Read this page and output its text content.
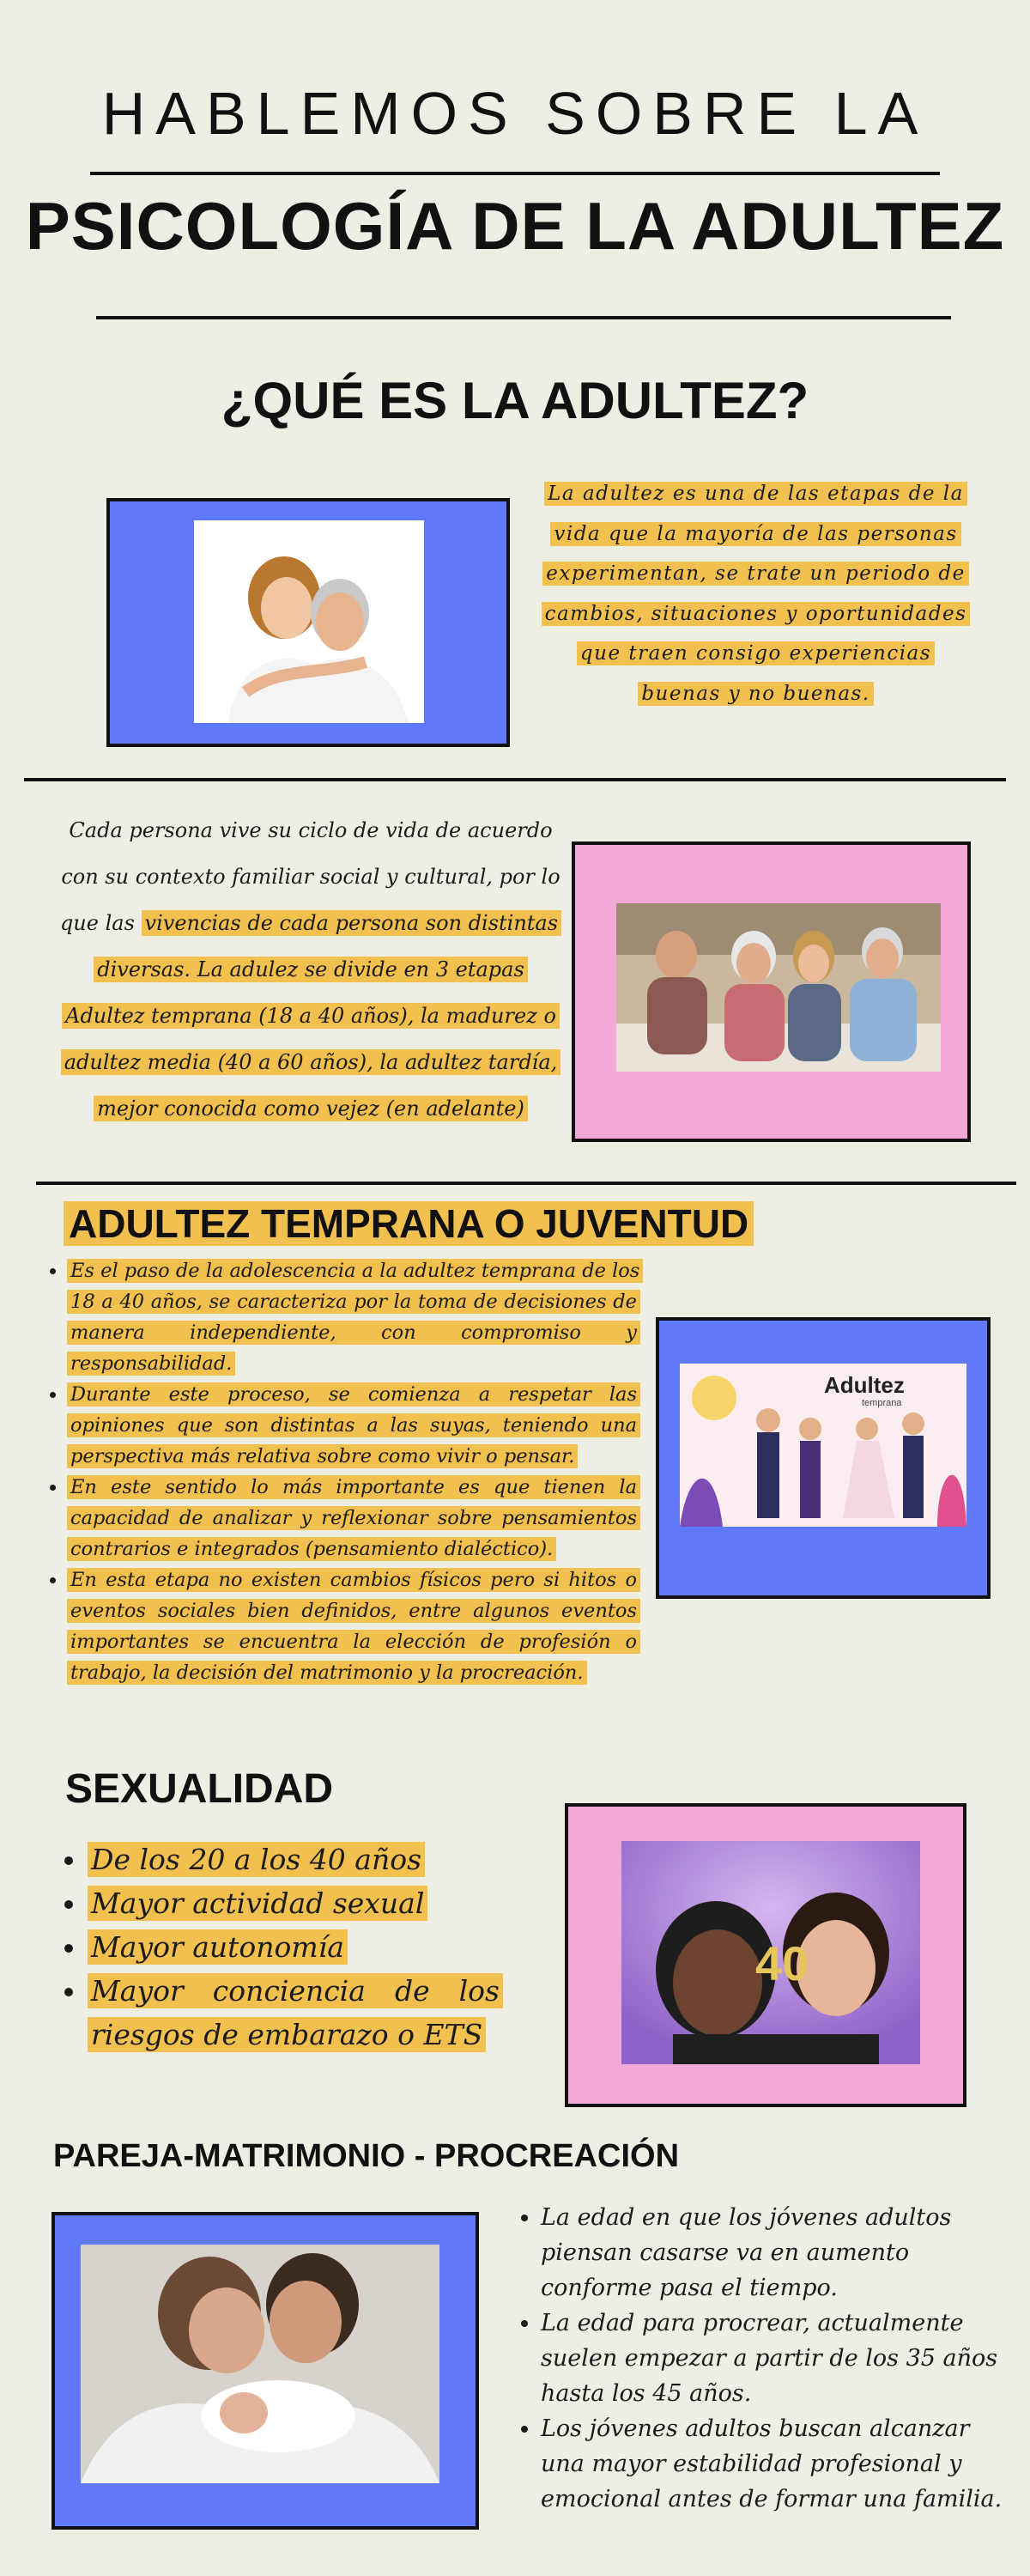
HABLEMOS SOBRE LA
PSICOLOGÍA DE LA ADULTEZ
¿QUÉ ES LA ADULTEZ?
La adultez es una de las etapas de la vida que la mayoría de las personas experimentan, se trate un periodo de cambios, situaciones y oportunidades que traen consigo experiencias buenas y no buenas.
Cada persona vive su ciclo de vida de acuerdo con su contexto familiar social y cultural, por lo que las vivencias de cada persona son distintas diversas. La adulez se divide en 3 etapas Adultez temprana (18 a 40 años), la madurez o adultez media (40 a 60 años), la adultez tardía, mejor conocida como vejez (en adelante)
ADULTEZ TEMPRANA O JUVENTUD
• Es el paso de la adolescencia a la adultez temprana de los 18 a 40 años, se caracteriza por la toma de decisiones de manera independiente, con compromiso y responsabilidad.
• Durante este proceso, se comienza a respetar las opiniones que son distintas a las suyas, teniendo una perspectiva más relativa sobre como vivir o pensar.
• En este sentido lo más importante es que tienen la capacidad de analizar y reflexionar sobre pensamientos contrarios e integrados (pensamiento dialéctico).
• En esta etapa no existen cambios físicos pero si hitos o eventos sociales bien definidos, entre algunos eventos importantes se encuentra la elección de profesión o trabajo, la decisión del matrimonio y la procreación.
Adultez
temprana
SEXUALIDAD
• De los 20 a los 40 años
• Mayor actividad sexual
• Mayor autonomía
• Mayor conciencia de los riesgos de embarazo o ETS
40
PAREJA-MATRIMONIO - PROCREACIÓN
• La edad en que los jóvenes adultos piensan casarse va en aumento conforme pasa el tiempo.
• La edad para procrear, actualmente suelen empezar a partir de los 35 años hasta los 45 años.
• Los jóvenes adultos buscan alcanzar una mayor estabilidad profesional y emocional antes de formar una familia.
